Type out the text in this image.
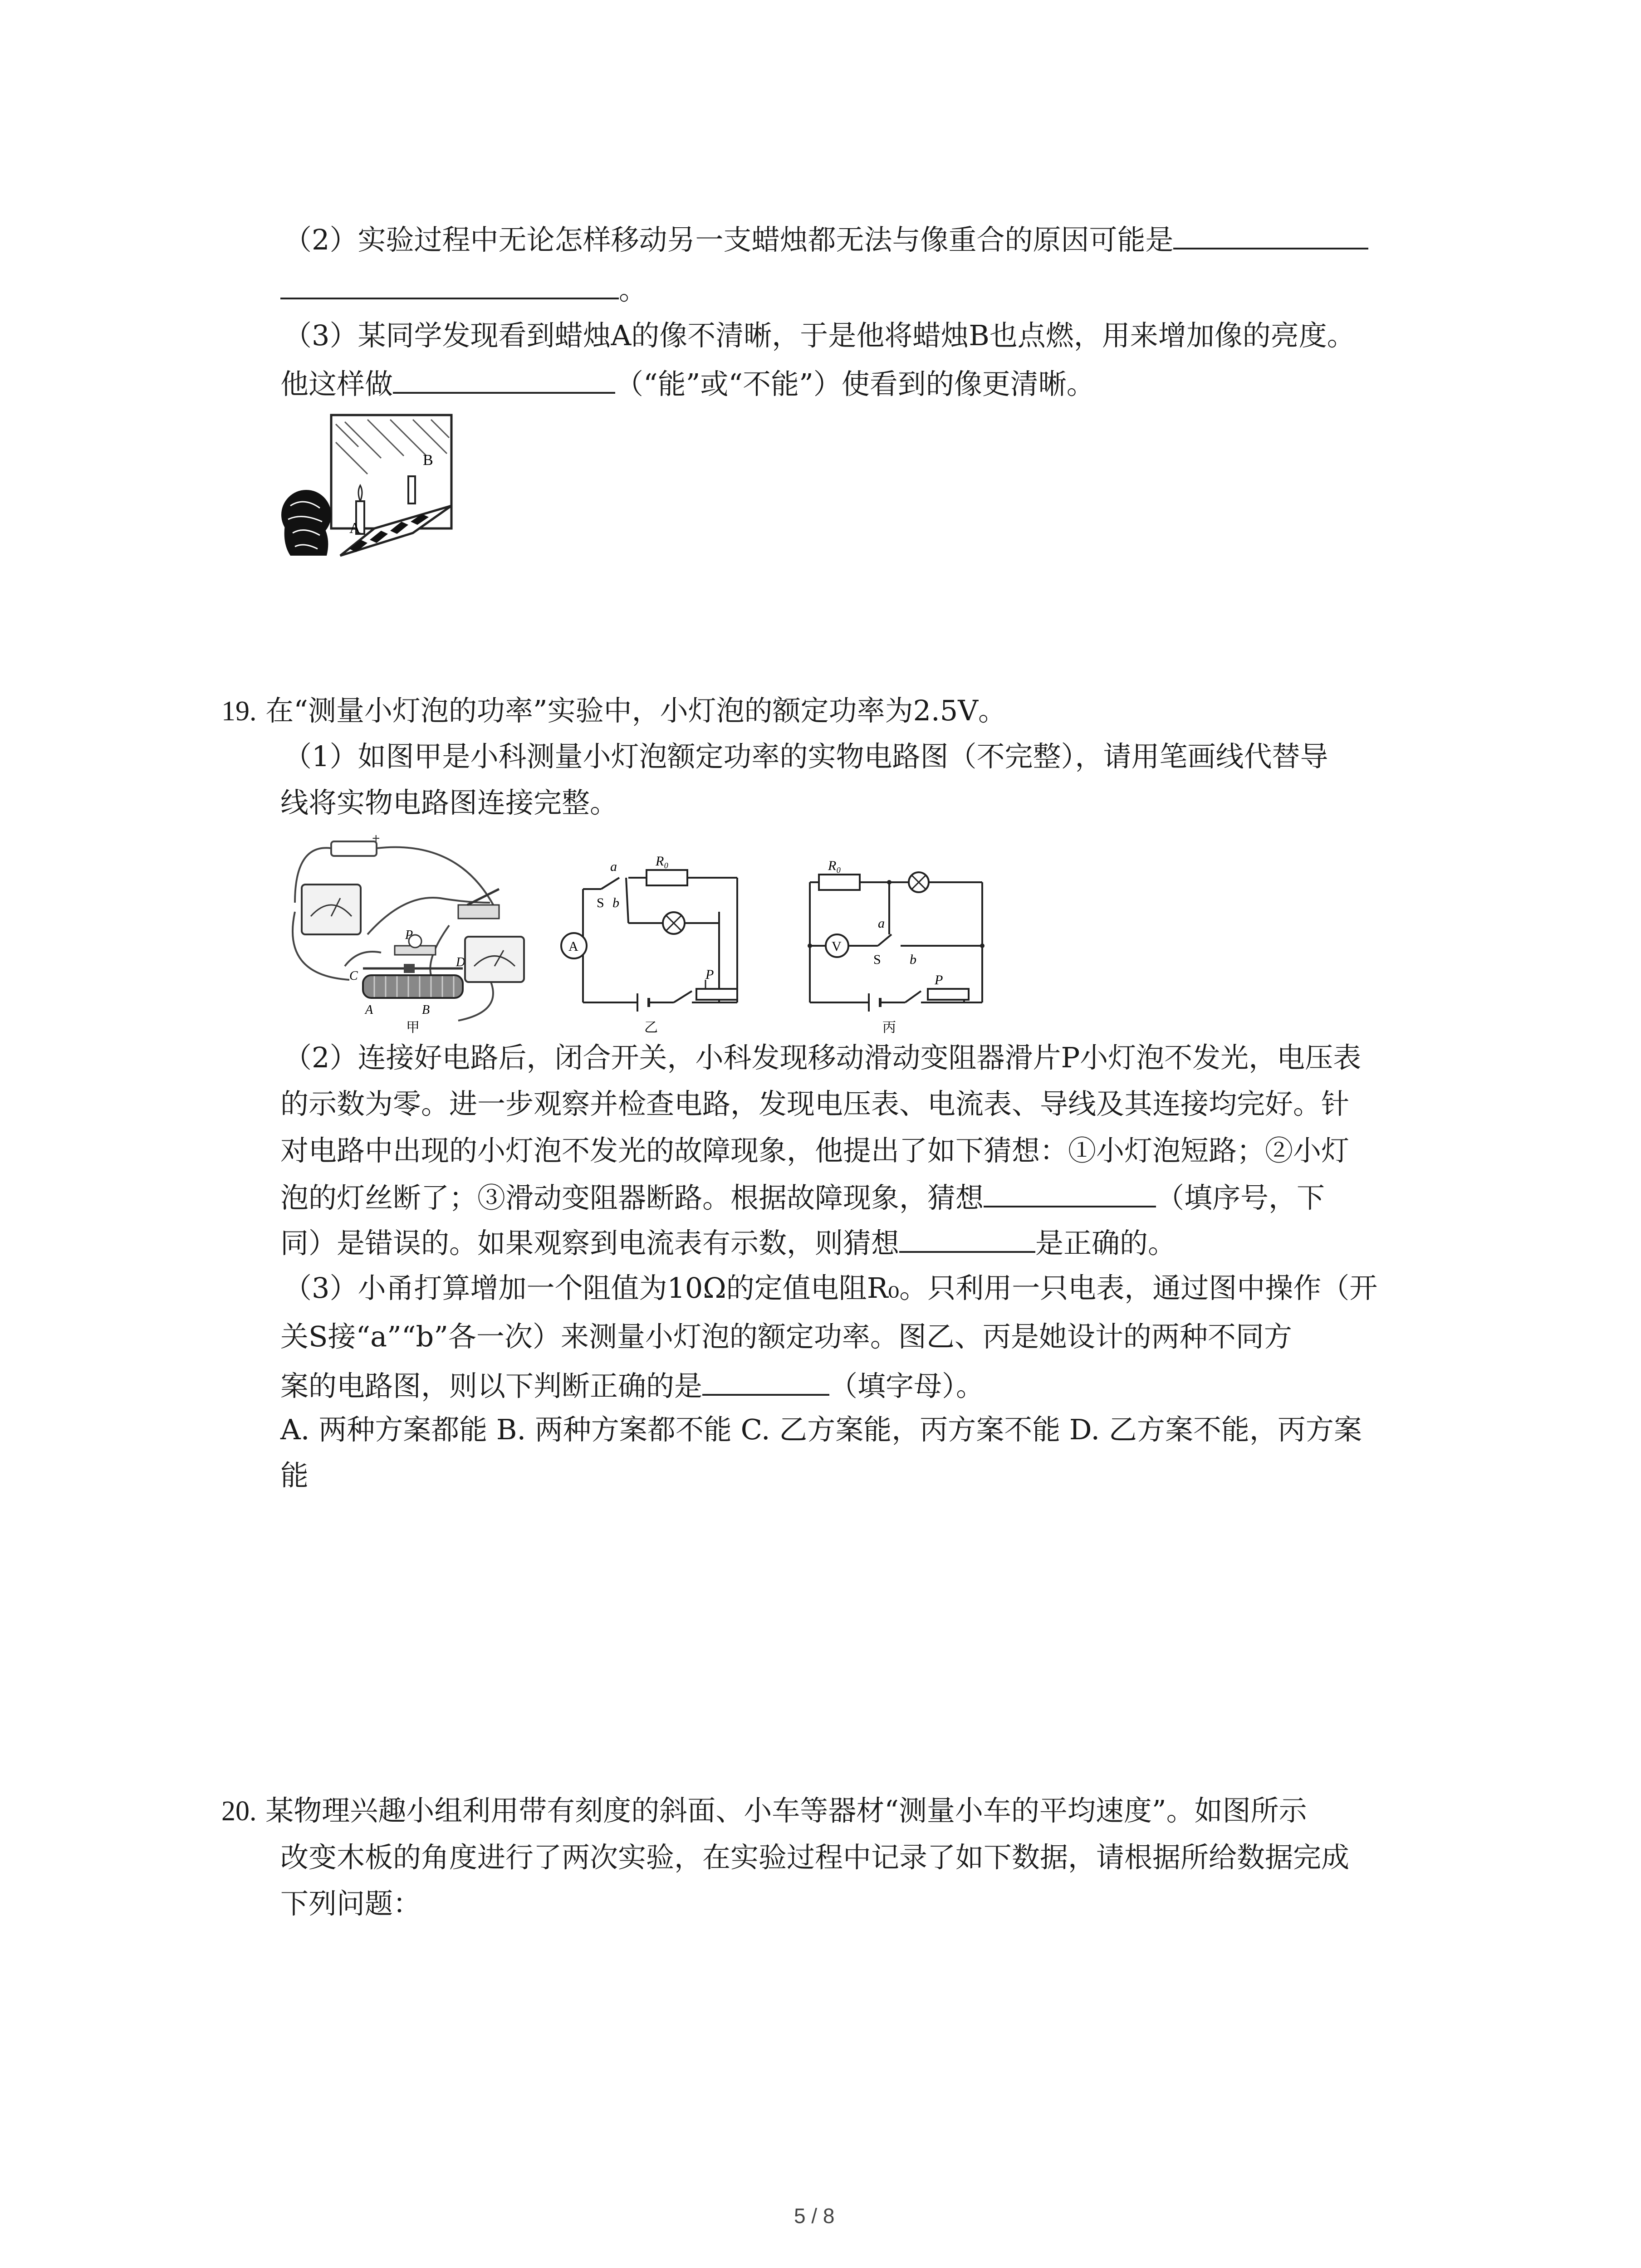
（2）实验过程中无论怎样移动另一支蜡烛都无法与像重合的原因可能是
。
（3）某同学发现看到蜡烛A的像不清晰，于是他将蜡烛B也点燃，用来增加像的亮度。
他这样做	（“能”或“不能”）使看到的像更清晰。
A
B
19. 在“测量小灯泡的功率”实验中，小灯泡的额定功率为2.5V。
（1）如图甲是小科测量小灯泡额定功率的实物电路图（不完整），请用笔画线代替导
线将实物电路图连接完整。
+
P
C
D
A	B
甲
A
R₀
a
S b
P
乙
V
R₀
a
S b
P
丙
（2）连接好电路后，闭合开关，小科发现移动滑动变阻器滑片P小灯泡不发光，电压表
的示数为零。进一步观察并检查电路，发现电压表、电流表、导线及其连接均完好。针
对电路中出现的小灯泡不发光的故障现象，他提出了如下猜想：①小灯泡短路；②小灯
泡的灯丝断了；③滑动变阻器断路。根据故障现象，猜想	（填序号，下
同）是错误的。如果观察到电流表有示数，则猜想	是正确的。
（3）小甬打算增加一个阻值为10Ω的定值电阻R₀。只利用一只电表，通过图中操作（开
关S接“a”“b”各一次）来测量小灯泡的额定功率。图乙、丙是她设计的两种不同方
案的电路图，则以下判断正确的是	（填字母）。
A. 两种方案都能 B. 两种方案都不能 C. 乙方案能，丙方案不能 D. 乙方案不能，丙方案
能
20. 某物理兴趣小组利用带有刻度的斜面、小车等器材“测量小车的平均速度”。如图所示
改变木板的角度进行了两次实验，在实验过程中记录了如下数据，请根据所给数据完成
下列问题：
5 / 8
